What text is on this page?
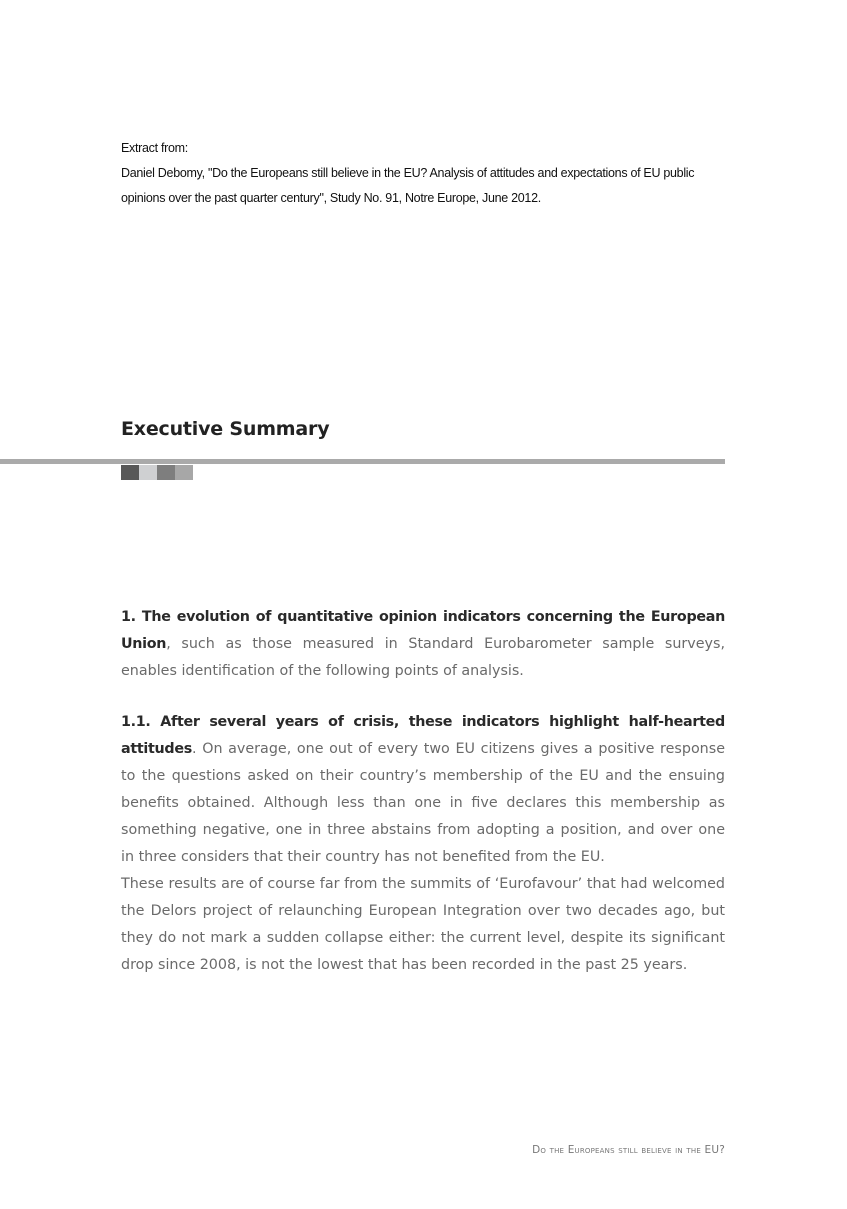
Extract from:
Daniel Debomy, "Do the Europeans still believe in the EU? Analysis of attitudes and expectations of EU public opinions over the past quarter century", Study No. 91, Notre Europe, June 2012.
Executive Summary

1. The evolution of quantitative opinion indicators concerning the European Union, such as those measured in Standard Eurobarometer sample surveys, enables identification of the following points of analysis.

1.1. After several years of crisis, these indicators highlight half-hearted attitudes. On average, one out of every two EU citizens gives a positive response to the questions asked on their country’s membership of the EU and the ensuing benefits obtained. Although less than one in five declares this membership as something negative, one in three abstains from adopting a position, and over one in three considers that their country has not benefited from the EU.

These results are of course far from the summits of ‘Eurofavour’ that had welcomed the Delors project of relaunching European Integration over two decades ago, but they do not mark a sudden collapse either: the current level, despite its significant drop since 2008, is not the lowest that has been recorded in the past 25 years.

Do the Europeans still believe in the EU?
